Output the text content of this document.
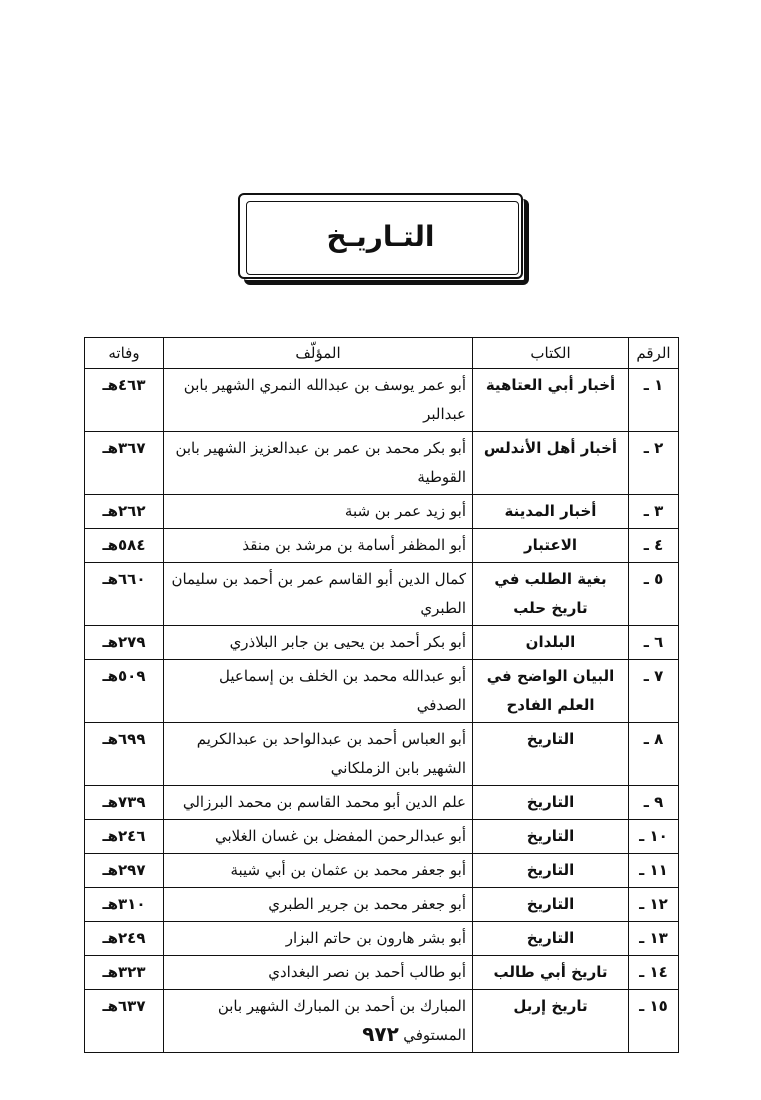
التـاريـخ
الرقم	الكتاب	المؤلّف	وفاته
١ ـ	أخبار أبي العتاهية	أبو عمر يوسف بن عبدالله النمري الشهير بابن عبدالبر	٤٦٣هـ
٢ ـ	أخبار أهل الأندلس	أبو بكر محمد بن عمر بن عبدالعزيز الشهير بابن القوطية	٣٦٧هـ
٣ ـ	أخبار المدينة	أبو زيد عمر بن شبة	٢٦٢هـ
٤ ـ	الاعتبار	أبو المظفر أسامة بن مرشد بن منقذ	٥٨٤هـ
٥ ـ	بغية الطلب في تاريخ حلب	كمال الدين أبو القاسم عمر بن أحمد بن سليمان الطبري	٦٦٠هـ
٦ ـ	البلدان	أبو بكر أحمد بن يحيى بن جابر البلاذري	٢٧٩هـ
٧ ـ	البيان الواضح في العلم الفادح	أبو عبدالله محمد بن الخلف بن إسماعيل الصدفي	٥٠٩هـ
٨ ـ	التاريخ	أبو العباس أحمد بن عبدالواحد بن عبدالكريم الشهير بابن الزملكاني	٦٩٩هـ
٩ ـ	التاريخ	علم الدين أبو محمد القاسم بن محمد البرزالي	٧٣٩هـ
١٠ ـ	التاريخ	أبو عبدالرحمن المفضل بن غسان الغلابي	٢٤٦هـ
١١ ـ	التاريخ	أبو جعفر محمد بن عثمان بن أبي شيبة	٢٩٧هـ
١٢ ـ	التاريخ	أبو جعفر محمد بن جرير الطبري	٣١٠هـ
١٣ ـ	التاريخ	أبو بشر هارون بن حاتم البزار	٢٤٩هـ
١٤ ـ	تاريخ أبي طالب	أبو طالب أحمد بن نصر البغدادي	٣٢٣هـ
١٥ ـ	تاريخ إربل	المبارك بن أحمد بن المبارك الشهير بابن المستوفي	٦٣٧هـ
٩٧٢
